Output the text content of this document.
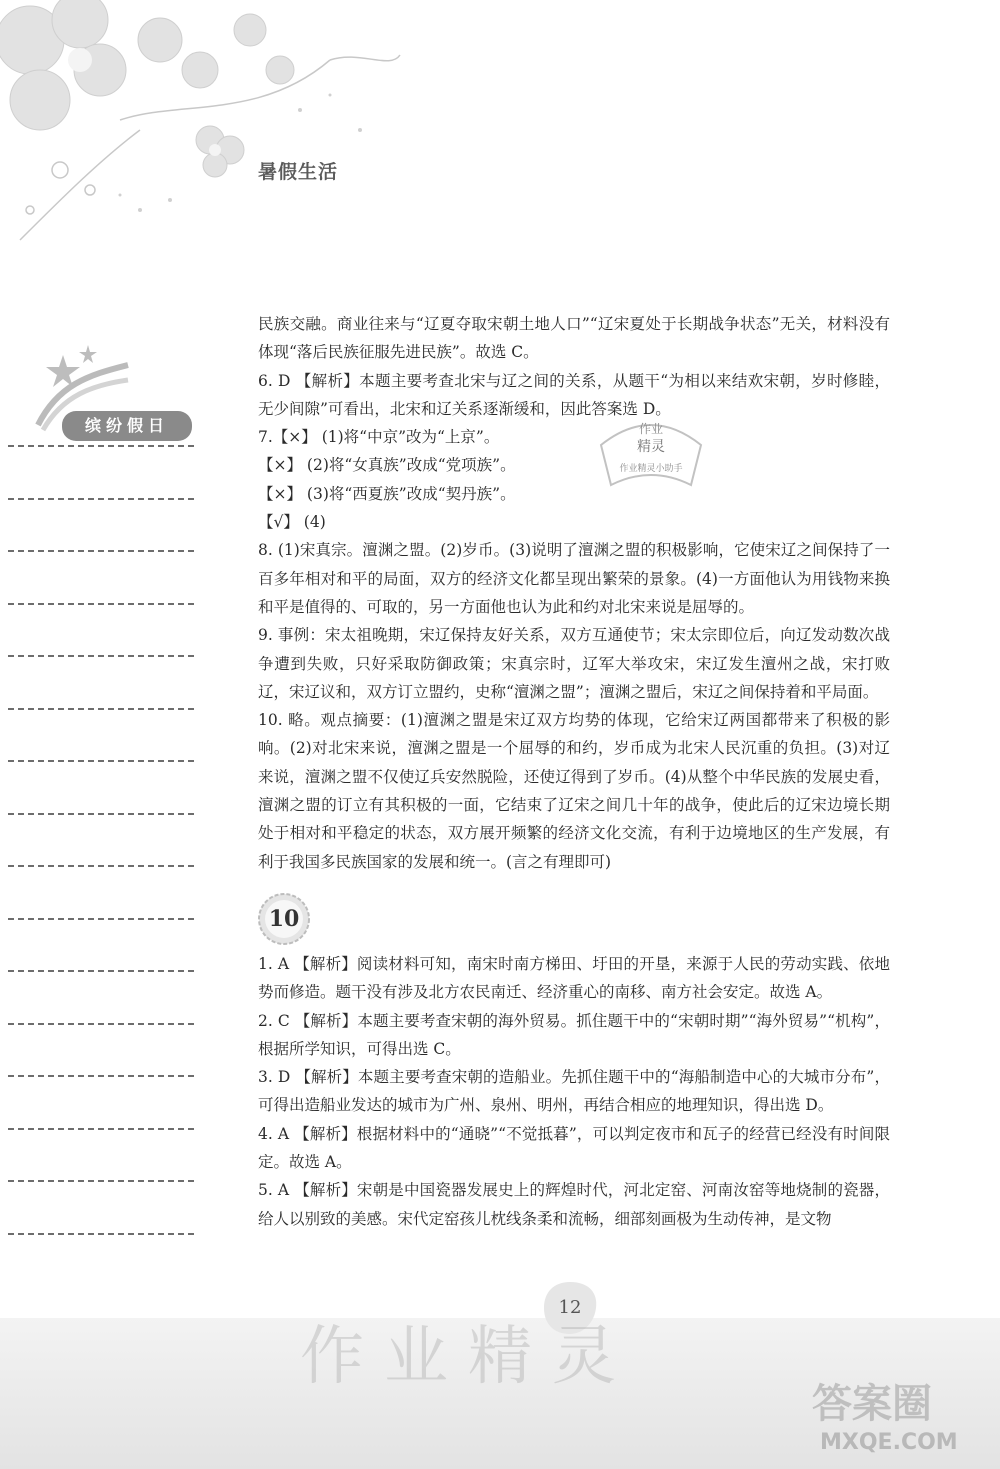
暑假生活
缤纷假日

民族交融。商业往来与“辽夏夺取宋朝土地人口”“辽宋夏处于长期战争状态”无关，材料没有体现“落后民族征服先进民族”。故选 C。

6. D 【解析】本题主要考查北宋与辽之间的关系，从题干“为相以来结欢宋朝，岁时修睦，无少间隙”可看出，北宋和辽关系逐渐缓和，因此答案选 D。

7.【×】 (1)将“中京”改为“上京”。

【×】 (2)将“女真族”改成“党项族”。

【×】 (3)将“西夏族”改成“契丹族”。

【√】 (4)

8. (1)宋真宗。澶渊之盟。(2)岁币。(3)说明了澶渊之盟的积极影响，它使宋辽之间保持了一百多年相对和平的局面，双方的经济文化都呈现出繁荣的景象。(4)一方面他认为用钱物来换和平是值得的、可取的，另一方面他也认为此和约对北宋来说是屈辱的。

9. 事例：宋太祖晚期，宋辽保持友好关系，双方互通使节；宋太宗即位后，向辽发动数次战争遭到失败，只好采取防御政策；宋真宗时，辽军大举攻宋，宋辽发生澶州之战，宋打败辽，宋辽议和，双方订立盟约，史称“澶渊之盟”；澶渊之盟后，宋辽之间保持着和平局面。

10. 略。观点摘要：(1)澶渊之盟是宋辽双方均势的体现，它给宋辽两国都带来了积极的影响。(2)对北宋来说，澶渊之盟是一个屈辱的和约，岁币成为北宋人民沉重的负担。(3)对辽来说，澶渊之盟不仅使辽兵安然脱险，还使辽得到了岁币。(4)从整个中华民族的发展史看，澶渊之盟的订立有其积极的一面，它结束了辽宋之间几十年的战争，使此后的辽宋边境长期处于相对和平稳定的状态，双方展开频繁的经济文化交流，有利于边境地区的生产发展，有利于我国多民族国家的发展和统一。(言之有理即可)

作业
精灵
作业精灵小助手
10

1. A 【解析】阅读材料可知，南宋时南方梯田、圩田的开垦，来源于人民的劳动实践、依地势而修造。题干没有涉及北方农民南迁、经济重心的南移、南方社会安定。故选 A。

2. C 【解析】本题主要考查宋朝的海外贸易。抓住题干中的“宋朝时期”“海外贸易”“机构”，根据所学知识，可得出选 C。

3. D 【解析】本题主要考查宋朝的造船业。先抓住题干中的“海船制造中心的大城市分布”，可得出造船业发达的城市为广州、泉州、明州，再结合相应的地理知识，得出选 D。

4. A 【解析】根据材料中的“通晓”“不觉抵暮”，可以判定夜市和瓦子的经营已经没有时间限定。故选 A。

5. A 【解析】宋朝是中国瓷器发展史上的辉煌时代，河北定窑、河南汝窑等地烧制的瓷器，给人以别致的美感。宋代定窑孩儿枕线条柔和流畅，细部刻画极为生动传神，是文物

12
作业精灵
答案圈
MXQE.COM
